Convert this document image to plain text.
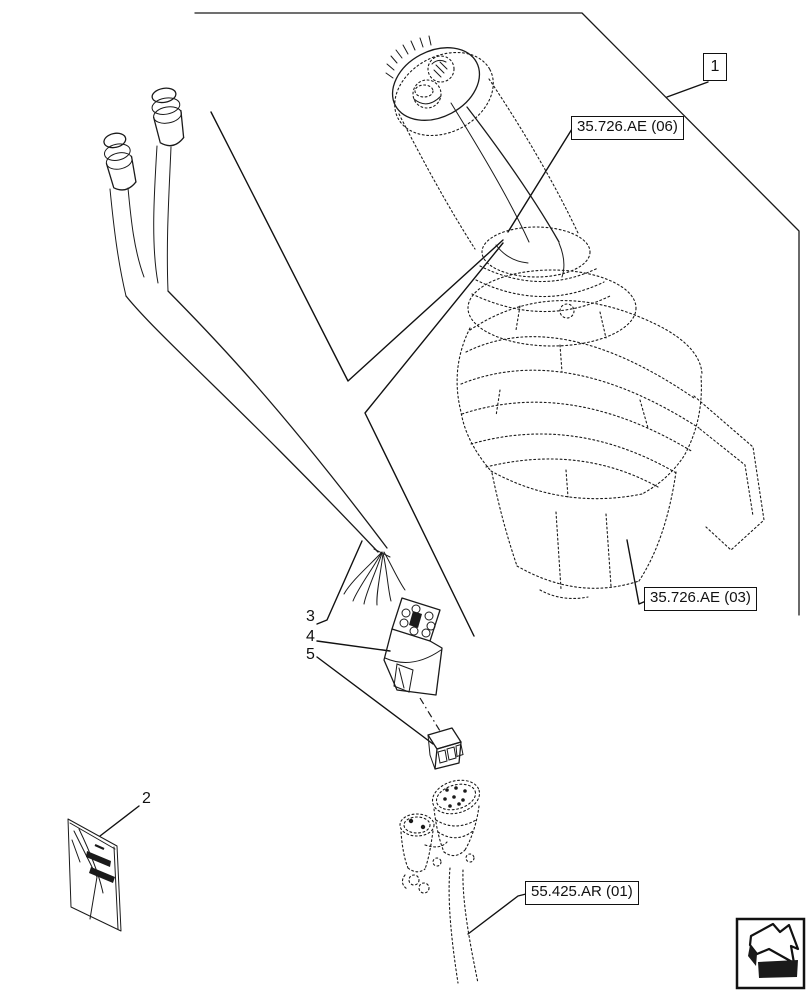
1
35.726.AE (06)
35.726.AE (03)
55.425.AR (01)
2
3
4
5
